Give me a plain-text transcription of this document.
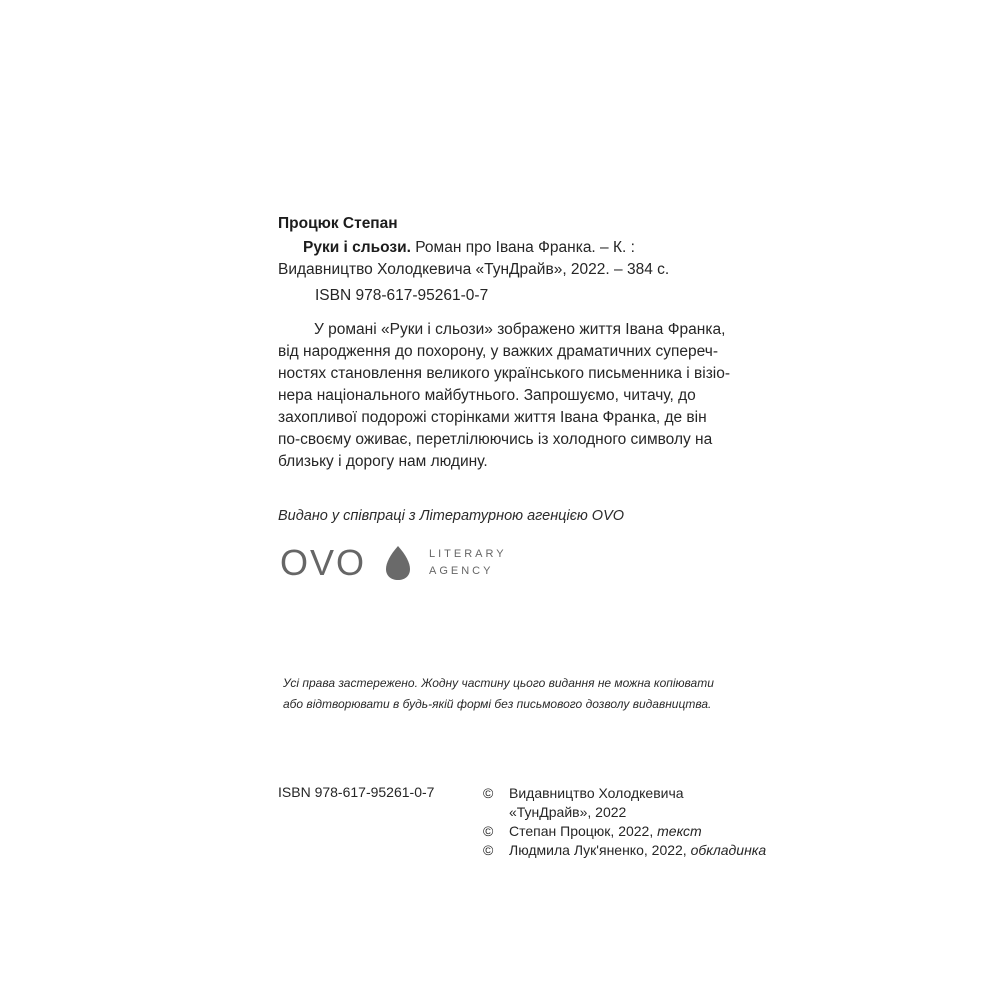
Процюк Степан
Руки і сльози. Роман про Івана Франка. – К. :
Видавництво Холодкевича «ТунДрайв», 2022. – 384 с.
ISBN 978-617-95261-0-7
У романі «Руки і сльози» зображено життя Івана Франка,
від народження до похорону, у важких драматичних супереч-
ностях становлення великого українського письменника і візіо-
нера національного майбутнього. Запрошуємо, читачу, до
захопливої подорожі сторінками життя Івана Франка, де він
по-своєму оживає, перетлілюючись із холодного символу на
близьку і дорогу нам людину.
Видано у співпраці з Літературною агенцією OVO
OVO	LITERARY
AGENCY
Усі права застережено. Жодну частину цього видання не можна копіювати
або відтворювати в будь-якій формі без письмового дозволу видавництва.
ISBN 978-617-95261-0-7	© Видавництво Холодкевича
«ТунДрайв», 2022
© Степан Процюк, 2022, текст
© Людмила Лук'яненко, 2022, обкладинка
